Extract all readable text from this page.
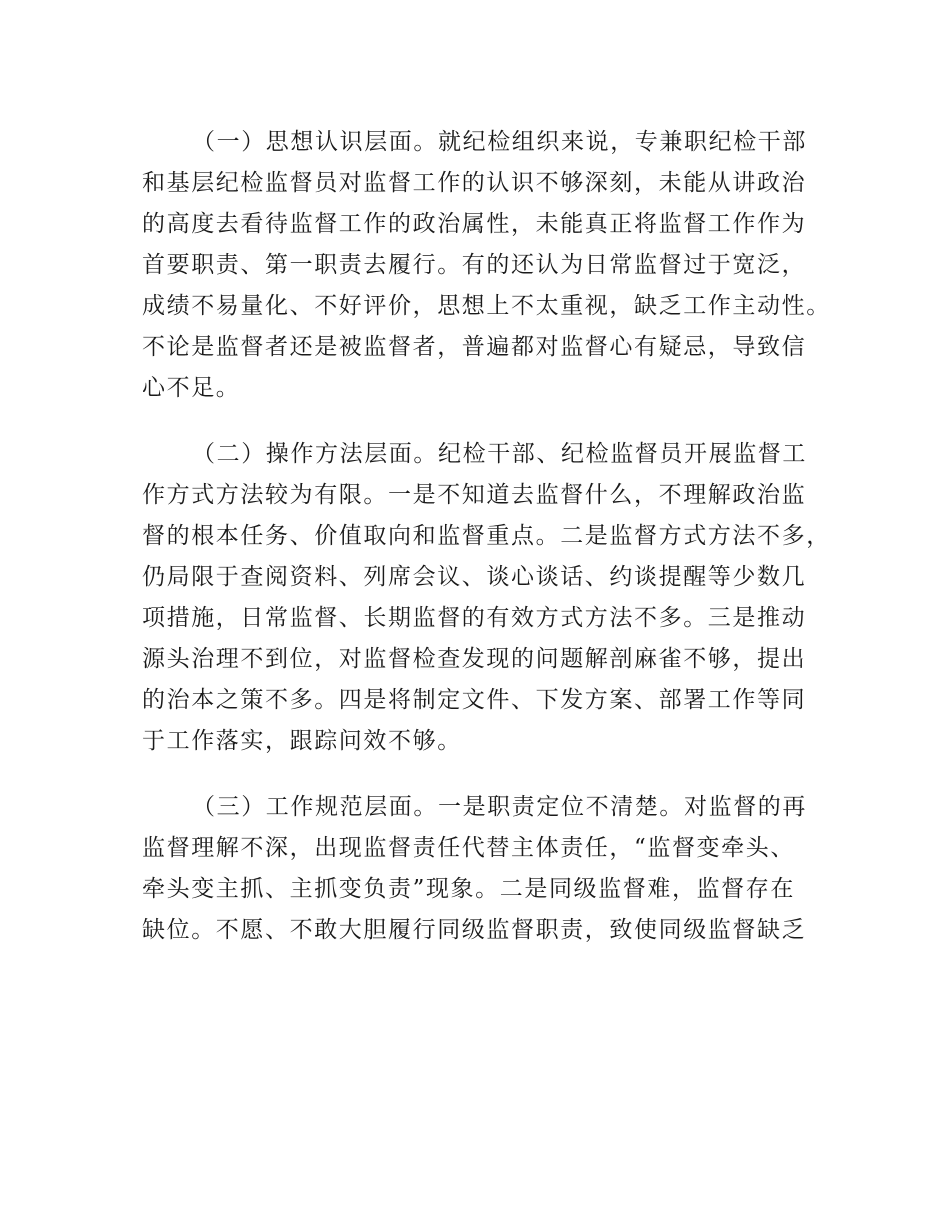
（一）思想认识层面。就纪检组织来说，专兼职纪检干部
和基层纪检监督员对监督工作的认识不够深刻，未能从讲政治
的高度去看待监督工作的政治属性，未能真正将监督工作作为
首要职责、第一职责去履行。有的还认为日常监督过于宽泛，
成绩不易量化、不好评价，思想上不太重视，缺乏工作主动性。
不论是监督者还是被监督者，普遍都对监督心有疑忌，导致信
心不足。
（二）操作方法层面。纪检干部、纪检监督员开展监督工
作方式方法较为有限。一是不知道去监督什么，不理解政治监
督的根本任务、价值取向和监督重点。二是监督方式方法不多，
仍局限于查阅资料、列席会议、谈心谈话、约谈提醒等少数几
项措施，日常监督、长期监督的有效方式方法不多。三是推动
源头治理不到位，对监督检查发现的问题解剖麻雀不够，提出
的治本之策不多。四是将制定文件、下发方案、部署工作等同
于工作落实，跟踪问效不够。
（三）工作规范层面。一是职责定位不清楚。对监督的再
监督理解不深，出现监督责任代替主体责任，“监督变牵头、
牵头变主抓、主抓变负责”现象。二是同级监督难，监督存在
缺位。不愿、不敢大胆履行同级监督职责，致使同级监督缺乏
